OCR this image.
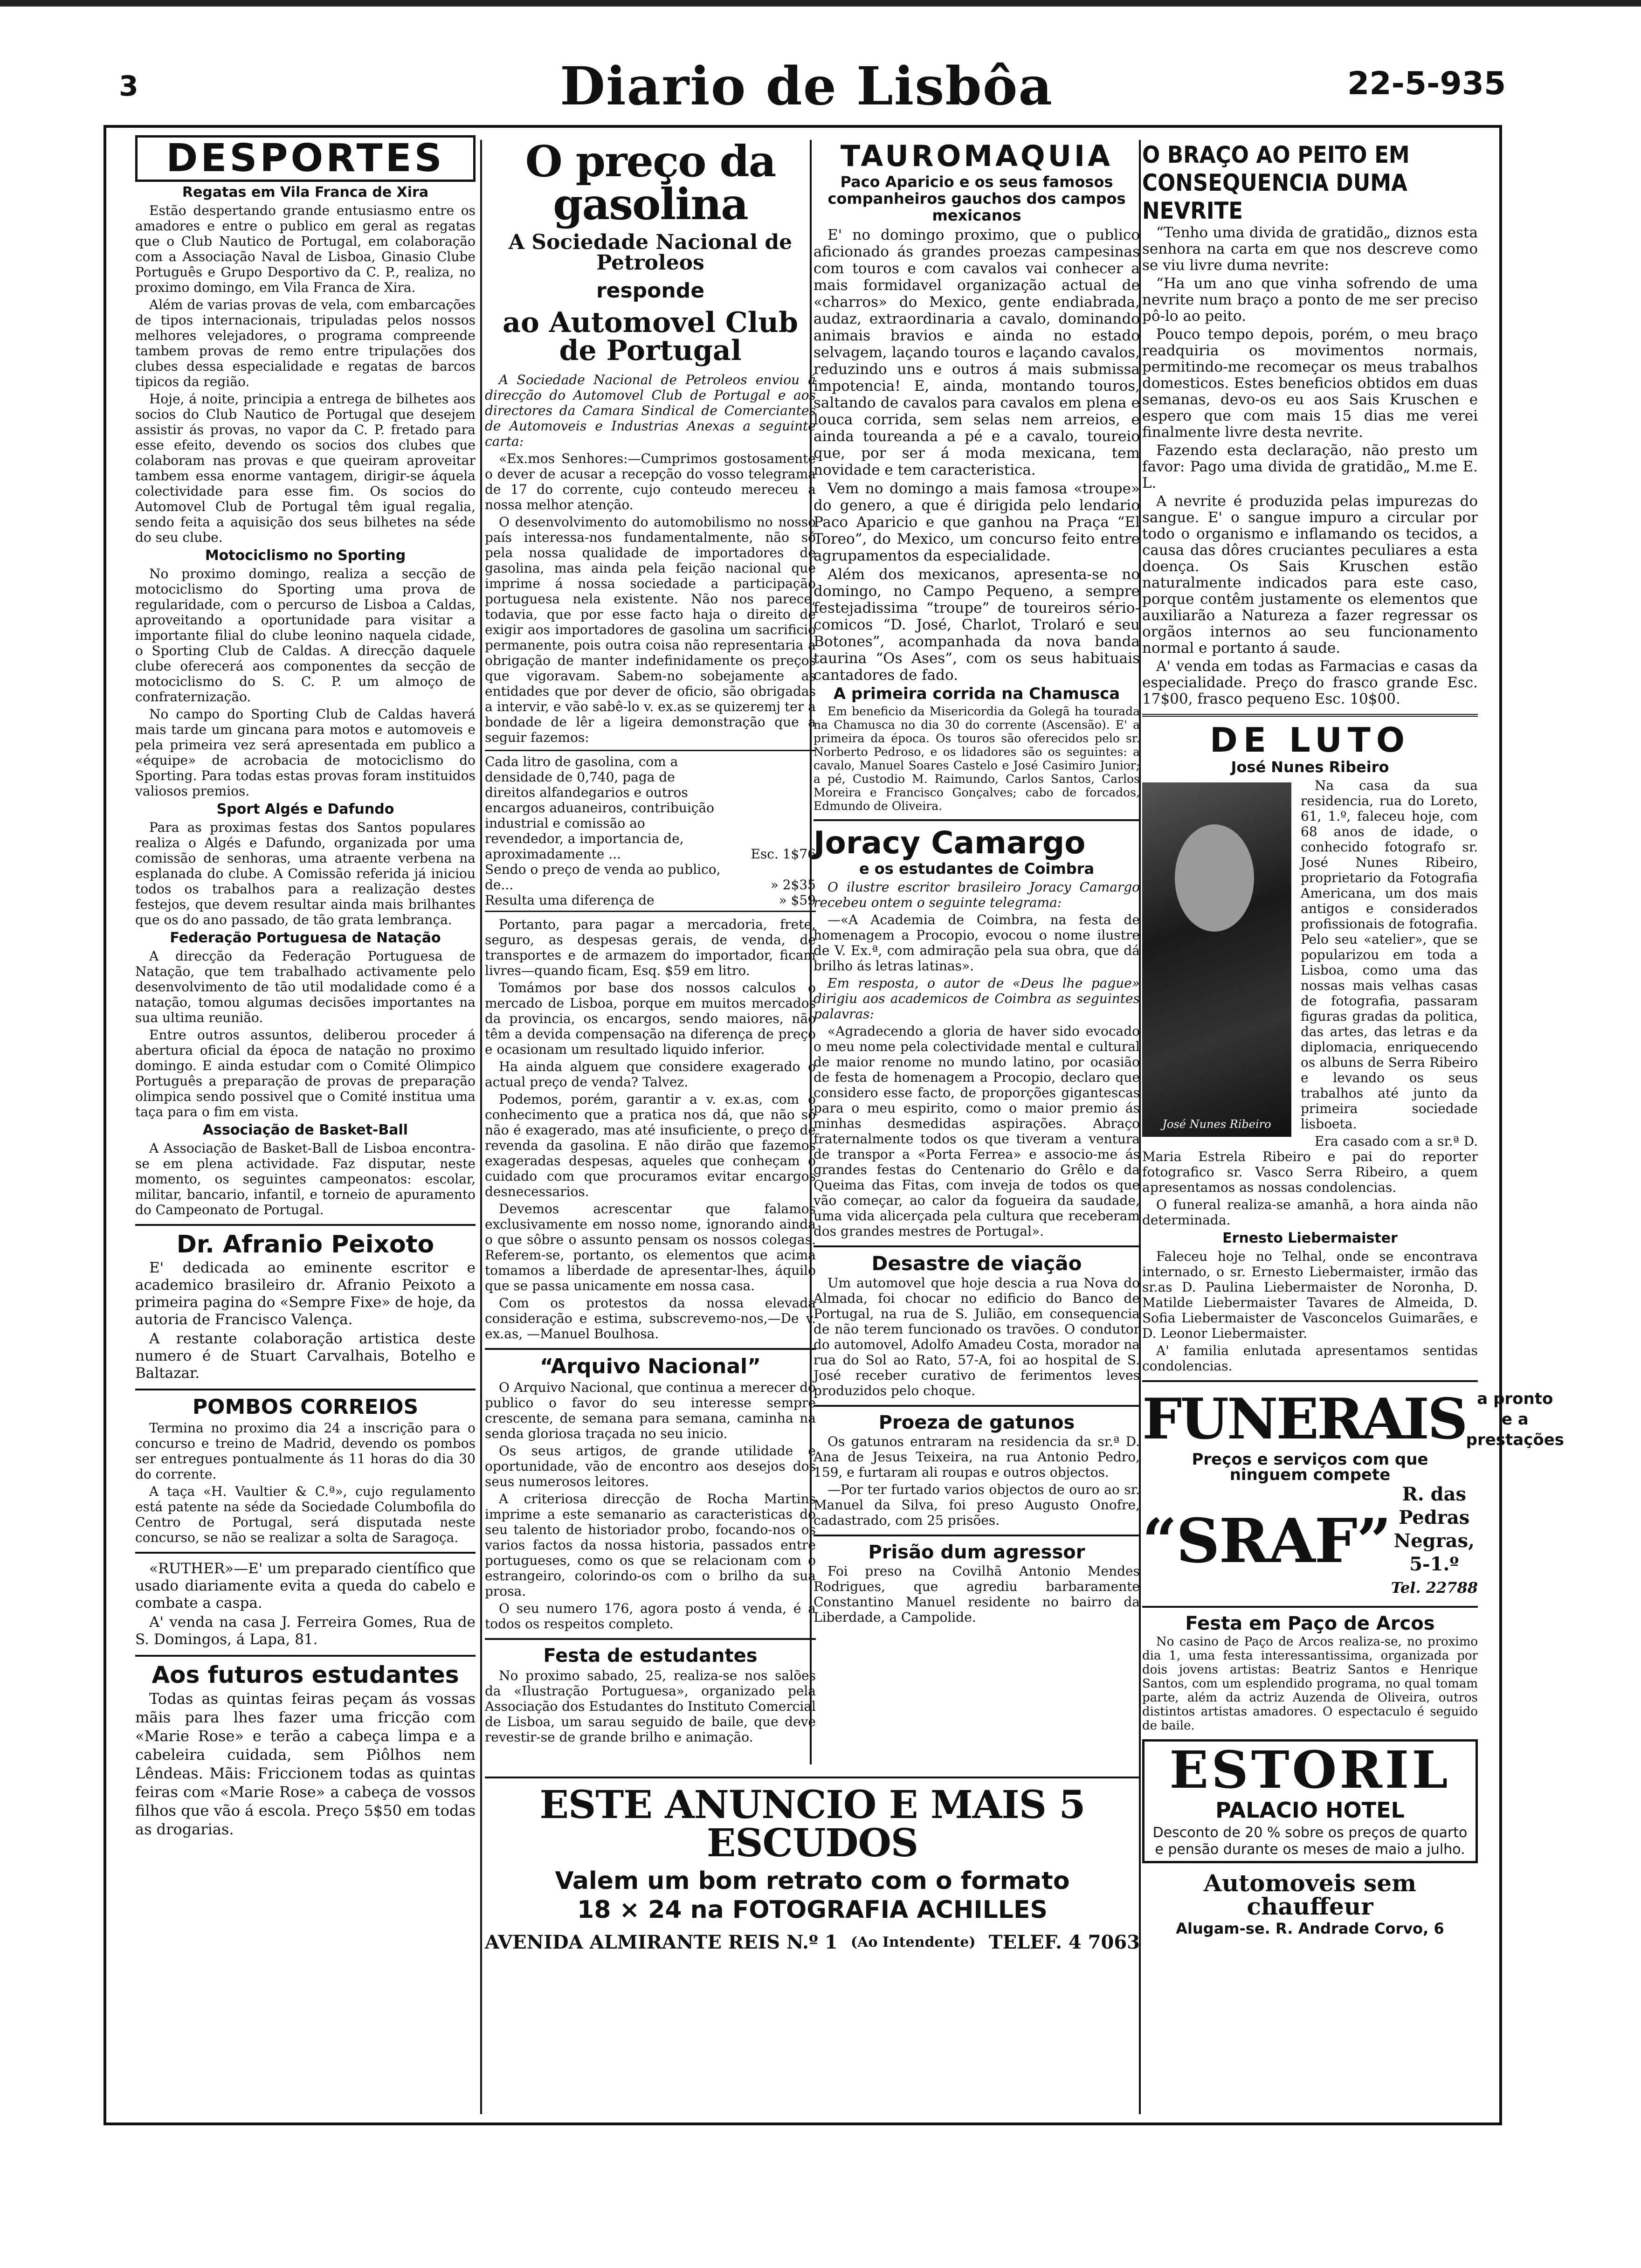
3	Diario de Lisbôa	22-5-935
DESPORTES
Regatas em Vila Franca de Xira

Estão despertando grande entusiasmo entre os amadores e entre o publico em geral as regatas que o Club Nautico de Portugal, em colaboração com a Associação Naval de Lisboa, Ginasio Clube Português e Grupo Desportivo da C. P., realiza, no proximo domingo, em Vila Franca de Xira.

Além de varias provas de vela, com embarcações de tipos internacionais, tripuladas pelos nossos melhores velejadores, o programa compreende tambem provas de remo entre tripulações dos clubes dessa especialidade e regatas de barcos tipicos da região.

Hoje, á noite, principia a entrega de bilhetes aos socios do Club Nautico de Portugal que desejem assistir ás provas, no vapor da C. P. fretado para esse efeito, devendo os socios dos clubes que colaboram nas provas e que queiram aproveitar tambem essa enorme vantagem, dirigir-se áquela colectividade para esse fim. Os socios do Automovel Club de Portugal têm igual regalia, sendo feita a aquisição dos seus bilhetes na séde do seu clube.

Motociclismo no Sporting

No proximo domingo, realiza a secção de motociclismo do Sporting uma prova de regularidade, com o percurso de Lisboa a Caldas, aproveitando a oportunidade para visitar a importante filial do clube leonino naquela cidade, o Sporting Club de Caldas. A direcção daquele clube oferecerá aos componentes da secção de motociclismo do S. C. P. um almoço de confraternização.

No campo do Sporting Club de Caldas haverá mais tarde um gincana para motos e automoveis e pela primeira vez será apresentada em publico a «équipe» de acrobacia de motociclismo do Sporting. Para todas estas provas foram instituidos valiosos premios.

Sport Algés e Dafundo

Para as proximas festas dos Santos populares realiza o Algés e Dafundo, organizada por uma comissão de senhoras, uma atraente verbena na esplanada do clube. A Comissão referida já iniciou todos os trabalhos para a realização destes festejos, que devem resultar ainda mais brilhantes que os do ano passado, de tão grata lembrança.

Federação Portuguesa de Natação

A direcção da Federação Portuguesa de Natação, que tem trabalhado activamente pelo desenvolvimento de tão util modalidade como é a natação, tomou algumas decisões importantes na sua ultima reunião.

Entre outros assuntos, deliberou proceder á abertura oficial da época de natação no proximo domingo. E ainda estudar com o Comité Olimpico Português a preparação de provas de preparação olimpica sendo possivel que o Comité institua uma taça para o fim em vista.

Associação de Basket-Ball

A Associação de Basket-Ball de Lisboa encontra-se em plena actividade. Faz disputar, neste momento, os seguintes campeonatos: escolar, militar, bancario, infantil, e torneio de apuramento do Campeonato de Portugal.

Dr. Afranio Peixoto

E' dedicada ao eminente escritor e academico brasileiro dr. Afranio Peixoto a primeira pagina do «Sempre Fixe» de hoje, da autoria de Francisco Valença.

A restante colaboração artistica deste numero é de Stuart Carvalhais, Botelho e Baltazar.

POMBOS CORREIOS

Termina no proximo dia 24 a inscrição para o concurso e treino de Madrid, devendo os pombos ser entregues pontualmente ás 11 horas do dia 30 do corrente.

A taça «H. Vaultier & C.ª», cujo regulamento está patente na séde da Sociedade Columbofila do Centro de Portugal, será disputada neste concurso, se não se realizar a solta de Saragoça.

«RUTHER»—E' um preparado científico que usado diariamente evita a queda do cabelo e combate a caspa.

A' venda na casa J. Ferreira Gomes, Rua de S. Domingos, á Lapa, 81.

Aos futuros estudantes

Todas as quintas feiras peçam ás vossas mãis para lhes fazer uma fricção com «Marie Rose» e terão a cabeça limpa e a cabeleira cuidada, sem Piôlhos nem Lêndeas. Mãis: Friccionem todas as quintas feiras com «Marie Rose» a cabeça de vossos filhos que vão á escola. Preço 5$50 em todas as drogarias.

O preço da gasolina
A Sociedade Nacional de Petroleos
responde
ao Automovel Club de Portugal

A Sociedade Nacional de Petroleos enviou á direcção do Automovel Club de Portugal e aos directores da Camara Sindical de Comerciantes de Automoveis e Industrias Anexas a seguinte carta:

«Ex.mos Senhores:—Cumprimos gostosamente o dever de acusar a recepção do vosso telegrama de 17 do corrente, cujo conteudo mereceu a nossa melhor atenção.

O desenvolvimento do automobilismo no nosso país interessa-nos fundamentalmente, não só pela nossa qualidade de importadores de gasolina, mas ainda pela feição nacional que imprime á nossa sociedade a participação portuguesa nela existente. Não nos parece, todavia, que por esse facto haja o direito de exigir aos importadores de gasolina um sacrificio permanente, pois outra coisa não representaria a obrigação de manter indefinidamente os preços que vigoravam. Sabem-no sobejamente as entidades que por dever de oficio, são obrigadas a intervir, e vão sabê-lo v. ex.as se quizeremj ter a bondade de lêr a ligeira demonstração que a seguir fazemos:

Cada litro de gasolina, com a densidade de 0,740, paga de direitos alfandegarios e outros encargos aduaneiros, contribuição industrial e comissão ao revendedor, a importancia de, aproximadamente ...	Esc. 1$76
Sendo o preço de venda ao publico, de...	» 2$35
Resulta uma diferença de	» $59

Portanto, para pagar a mercadoria, frete, seguro, as despesas gerais, de venda, de transportes e de armazem do importador, ficam livres—quando ficam, Esq. $59 em litro.

Tomámos por base dos nossos calculos o mercado de Lisboa, porque em muitos mercados da provincia, os encargos, sendo maiores, não têm a devida compensação na diferença de preço e ocasionam um resultado liquido inferior.

Ha ainda alguem que considere exagerado o actual preço de venda? Talvez.

Podemos, porém, garantir a v. ex.as, com o conhecimento que a pratica nos dá, que não só não é exagerado, mas até insuficiente, o preço de revenda da gasolina. E não dirão que fazemos exageradas despesas, aqueles que conheçam o cuidado com que procuramos evitar encargos desnecessarios.

Devemos acrescentar que falamos exclusivamente em nosso nome, ignorando ainda o que sôbre o assunto pensam os nossos colegas. Referem-se, portanto, os elementos que acima tomamos a liberdade de apresentar-lhes, áquilo que se passa unicamente em nossa casa.

Com os protestos da nossa elevada consideração e estima, subscrevemo-nos,—De v. ex.as, —Manuel Boulhosa.

“Arquivo Nacional”

O Arquivo Nacional, que continua a merecer do publico o favor do seu interesse sempre crescente, de semana para semana, caminha na senda gloriosa traçada no seu inicio.

Os seus artigos, de grande utilidade e oportunidade, vão de encontro aos desejos dos seus numerosos leitores.

A criteriosa direcção de Rocha Martins imprime a este semanario as caracteristicas do seu talento de historiador probo, focando-nos os varios factos da nossa historia, passados entre portugueses, como os que se relacionam com o estrangeiro, colorindo-os com o brilho da sua prosa.

O seu numero 176, agora posto á venda, é a todos os respeitos completo.

Festa de estudantes

No proximo sabado, 25, realiza-se nos salões da «Ilustração Portuguesa», organizado pela Associação dos Estudantes do Instituto Comercial de Lisboa, um sarau seguido de baile, que deve revestir-se de grande brilho e animação.

TAUROMAQUIA
Paco Aparicio e os seus famosos companheiros gauchos dos campos mexicanos

E' no domingo proximo, que o publico aficionado ás grandes proezas campesinas com touros e com cavalos vai conhecer a mais formidavel organização actual de «charros» do Mexico, gente endiabrada, audaz, extraordinaria a cavalo, dominando animais bravios e ainda no estado selvagem, laçando touros e laçando cavalos, reduzindo uns e outros á mais submissa impotencia! E, ainda, montando touros, saltando de cavalos para cavalos em plena e louca corrida, sem selas nem arreios, e ainda toureanda a pé e a cavalo, toureio que, por ser á moda mexicana, tem novidade e tem caracteristica.

Vem no domingo a mais famosa «troupe» do genero, a que é dirigida pelo lendario Paco Aparicio e que ganhou na Praça “El Toreo”, do Mexico, um concurso feito entre agrupamentos da especialidade.

Além dos mexicanos, apresenta-se no domingo, no Campo Pequeno, a sempre festejadissima “troupe” de toureiros sério-comicos “D. José, Charlot, Trolaró e seu Botones”, acompanhada da nova banda taurina “Os Ases”, com os seus habituais cantadores de fado.

A primeira corrida na Chamusca

Em beneficio da Misericordia da Golegã ha tourada na Chamusca no dia 30 do corrente (Ascensão). E' a primeira da época. Os touros são oferecidos pelo sr. Norberto Pedroso, e os lidadores são os seguintes: a cavalo, Manuel Soares Castelo e José Casimiro Junior; a pé, Custodio M. Raimundo, Carlos Santos, Carlos Moreira e Francisco Gonçalves; cabo de forcados, Edmundo de Oliveira.

Joracy Camargo
e os estudantes de Coimbra

O ilustre escritor brasileiro Joracy Camargo recebeu ontem o seguinte telegrama:

—«A Academia de Coimbra, na festa de homenagem a Procopio, evocou o nome ilustre de V. Ex.ª, com admiração pela sua obra, que dá brilho ás letras latinas».

Em resposta, o autor de «Deus lhe pague» dirigiu aos academicos de Coimbra as seguintes palavras:

«Agradecendo a gloria de haver sido evocado o meu nome pela colectividade mental e cultural de maior renome no mundo latino, por ocasião de festa de homenagem a Procopio, declaro que considero esse facto, de proporções gigantescas para o meu espirito, como o maior premio ás minhas desmedidas aspirações. Abraço fraternalmente todos os que tiveram a ventura de transpor a «Porta Ferrea» e associo-me ás grandes festas do Centenario do Grêlo e da Queima das Fitas, com inveja de todos os que vão começar, ao calor da fogueira da saudade, uma vida alicerçada pela cultura que receberam dos grandes mestres de Portugal».

Desastre de viação

Um automovel que hoje descia a rua Nova do Almada, foi chocar no edificio do Banco de Portugal, na rua de S. Julião, em consequencia de não terem funcionado os travões. O condutor do automovel, Adolfo Amadeu Costa, morador na rua do Sol ao Rato, 57-A, foi ao hospital de S. José receber curativo de ferimentos leves produzidos pelo choque.

Proeza de gatunos

Os gatunos entraram na residencia da sr.ª D. Ana de Jesus Teixeira, na rua Antonio Pedro, 159, e furtaram ali roupas e outros objectos.

—Por ter furtado varios objectos de ouro ao sr. Manuel da Silva, foi preso Augusto Onofre, cadastrado, com 25 prisões.

Prisão dum agressor

Foi preso na Covilhã Antonio Mendes Rodrigues, que agrediu barbaramente Constantino Manuel residente no bairro da Liberdade, a Campolide.

ESTE ANUNCIO E MAIS 5 ESCUDOS
Valem um bom retrato com o formato
18 × 24 na FOTOGRAFIA ACHILLES
AVENIDA ALMIRANTE REIS N.º 1 (Ao Intendente) TELEF. 4 7063
O BRAÇO AO PEITO EM CONSEQUENCIA DUMA NEVRITE

“Tenho uma divida de gratidão„ diznos esta senhora na carta em que nos descreve como se viu livre duma nevrite:

“Ha um ano que vinha sofrendo de uma nevrite num braço a ponto de me ser preciso pô-lo ao peito.

Pouco tempo depois, porém, o meu braço readquiria os movimentos normais, permitindo-me recomeçar os meus trabalhos domesticos. Estes beneficios obtidos em duas semanas, devo-os eu aos Sais Kruschen e espero que com mais 15 dias me verei finalmente livre desta nevrite.

Fazendo esta declaração, não presto um favor: Pago uma divida de gratidão„ M.me E. L.

A nevrite é produzida pelas impurezas do sangue. E' o sangue impuro a circular por todo o organismo e inflamando os tecidos, a causa das dôres cruciantes peculiares a esta doença. Os Sais Kruschen estão naturalmente indicados para este caso, porque contêm justamente os elementos que auxiliarão a Natureza a fazer regressar os orgãos internos ao seu funcionamento normal e portanto á saude.

A' venda em todas as Farmacias e casas da especialidade. Preço do frasco grande Esc. 17$00, frasco pequeno Esc. 10$00.

DE LUTO
José Nunes Ribeiro
José Nunes Ribeiro

Na casa da sua residencia, rua do Loreto, 61, 1.º, faleceu hoje, com 68 anos de idade, o conhecido fotografo sr. José Nunes Ribeiro, proprietario da Fotografia Americana, um dos mais antigos e considerados profissionais de fotografia. Pelo seu «atelier», que se popularizou em toda a Lisboa, como uma das nossas mais velhas casas de fotografia, passaram figuras gradas da politica, das artes, das letras e da diplomacia, enriquecendo os albuns de Serra Ribeiro e levando os seus trabalhos até junto da primeira sociedade lisboeta.

Era casado com a sr.ª D. Maria Estrela Ribeiro e pai do reporter fotografico sr. Vasco Serra Ribeiro, a quem apresentamos as nossas condolencias.

O funeral realiza-se amanhã, a hora ainda não determinada.

Ernesto Liebermaister

Faleceu hoje no Telhal, onde se encontrava internado, o sr. Ernesto Liebermaister, irmão das sr.as D. Paulina Liebermaister de Noronha, D. Matilde Liebermaister Tavares de Almeida, D. Sofia Liebermaister de Vasconcelos Guimarães, e D. Leonor Liebermaister.

A' familia enlutada apresentamos sentidas condolencias.

FUNERAIS a pronto
e a
prestações
Preços e serviços com que
ninguem compete
“SRAF”
R. das Pedras
Negras, 5-1.º
Tel. 22788
Festa em Paço de Arcos

No casino de Paço de Arcos realiza-se, no proximo dia 1, uma festa interessantissima, organizada por dois jovens artistas: Beatriz Santos e Henrique Santos, com um esplendido programa, no qual tomam parte, além da actriz Auzenda de Oliveira, outros distintos artistas amadores. O espectaculo é seguido de baile.

ESTORIL
PALACIO HOTEL
Desconto de 20 % sobre os preços de quarto e pensão durante os meses de maio a julho.
Automoveis sem chauffeur
Alugam-se. R. Andrade Corvo, 6
